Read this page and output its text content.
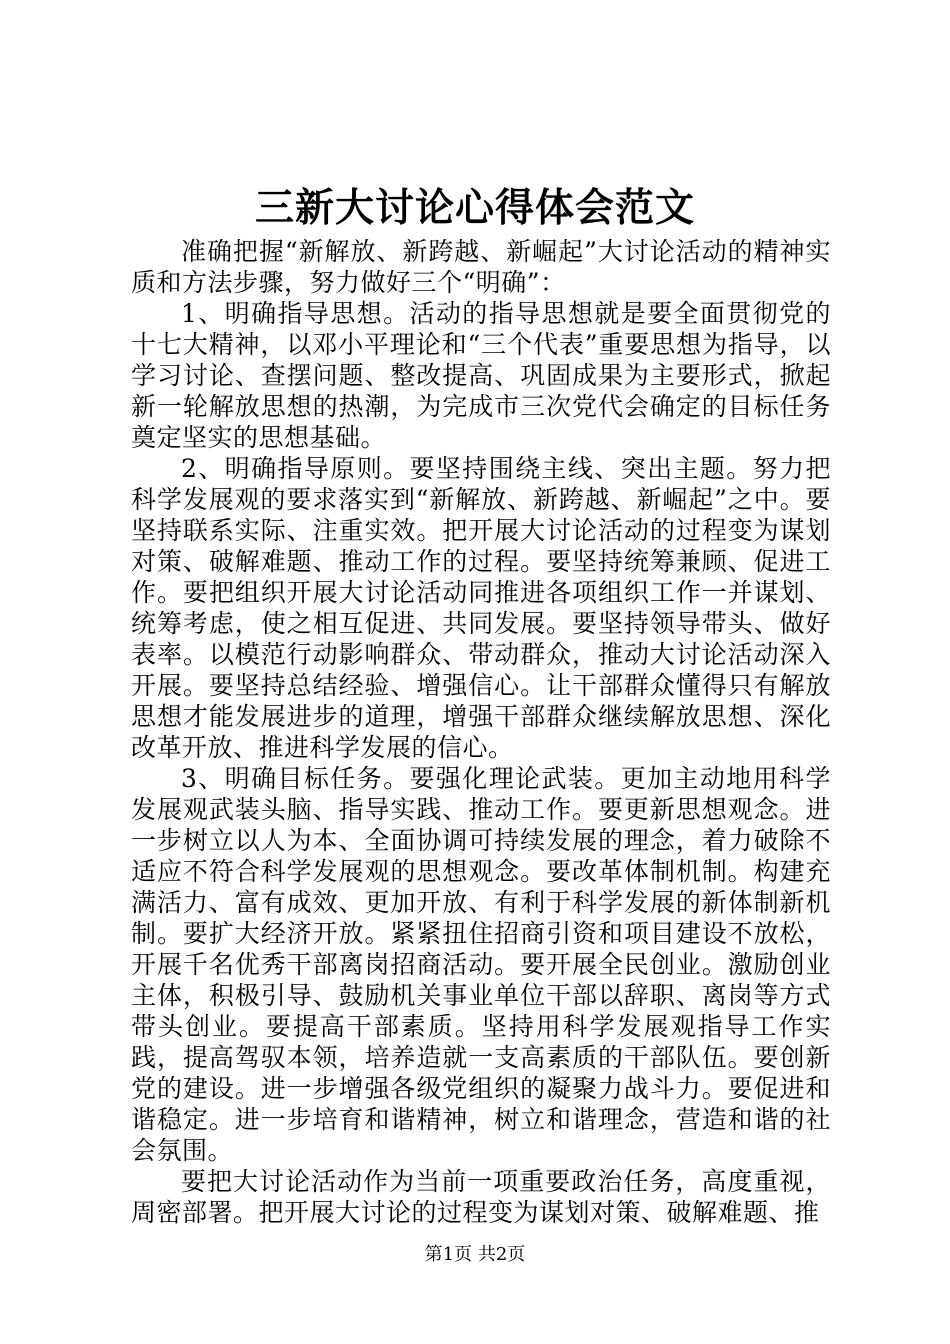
三新大讨论心得体会范文

准确把握“新解放、新跨越、新崛起”大讨论活动的精神实质和方法步骤，努力做好三个“明确”：

1、明确指导思想。活动的指导思想就是要全面贯彻党的十七大精神，以邓小平理论和“三个代表”重要思想为指导，以学习讨论、查摆问题、整改提高、巩固成果为主要形式，掀起新一轮解放思想的热潮，为完成市三次党代会确定的目标任务奠定坚实的思想基础。

2、明确指导原则。要坚持围绕主线、突出主题。努力把科学发展观的要求落实到“新解放、新跨越、新崛起”之中。要坚持联系实际、注重实效。把开展大讨论活动的过程变为谋划对策、破解难题、推动工作的过程。要坚持统筹兼顾、促进工作。要把组织开展大讨论活动同推进各项组织工作一并谋划、统筹考虑，使之相互促进、共同发展。要坚持领导带头、做好表率。以模范行动影响群众、带动群众，推动大讨论活动深入开展。要坚持总结经验、增强信心。让干部群众懂得只有解放思想才能发展进步的道理，增强干部群众继续解放思想、深化改革开放、推进科学发展的信心。

3、明确目标任务。要强化理论武装。更加主动地用科学发展观武装头脑、指导实践、推动工作。要更新思想观念。进一步树立以人为本、全面协调可持续发展的理念，着力破除不适应不符合科学发展观的思想观念。要改革体制机制。构建充满活力、富有成效、更加开放、有利于科学发展的新体制新机制。要扩大经济开放。紧紧扭住招商引资和项目建设不放松，开展千名优秀干部离岗招商活动。要开展全民创业。激励创业主体，积极引导、鼓励机关事业单位干部以辞职、离岗等方式带头创业。要提高干部素质。坚持用科学发展观指导工作实践，提高驾驭本领，培养造就一支高素质的干部队伍。要创新党的建设。进一步增强各级党组织的凝聚力战斗力。要促进和谐稳定。进一步培育和谐精神，树立和谐理念，营造和谐的社会氛围。

要把大讨论活动作为当前一项重要政治任务，高度重视，周密部署。把开展大讨论的过程变为谋划对策、破解难题、推

第1页 共2页
